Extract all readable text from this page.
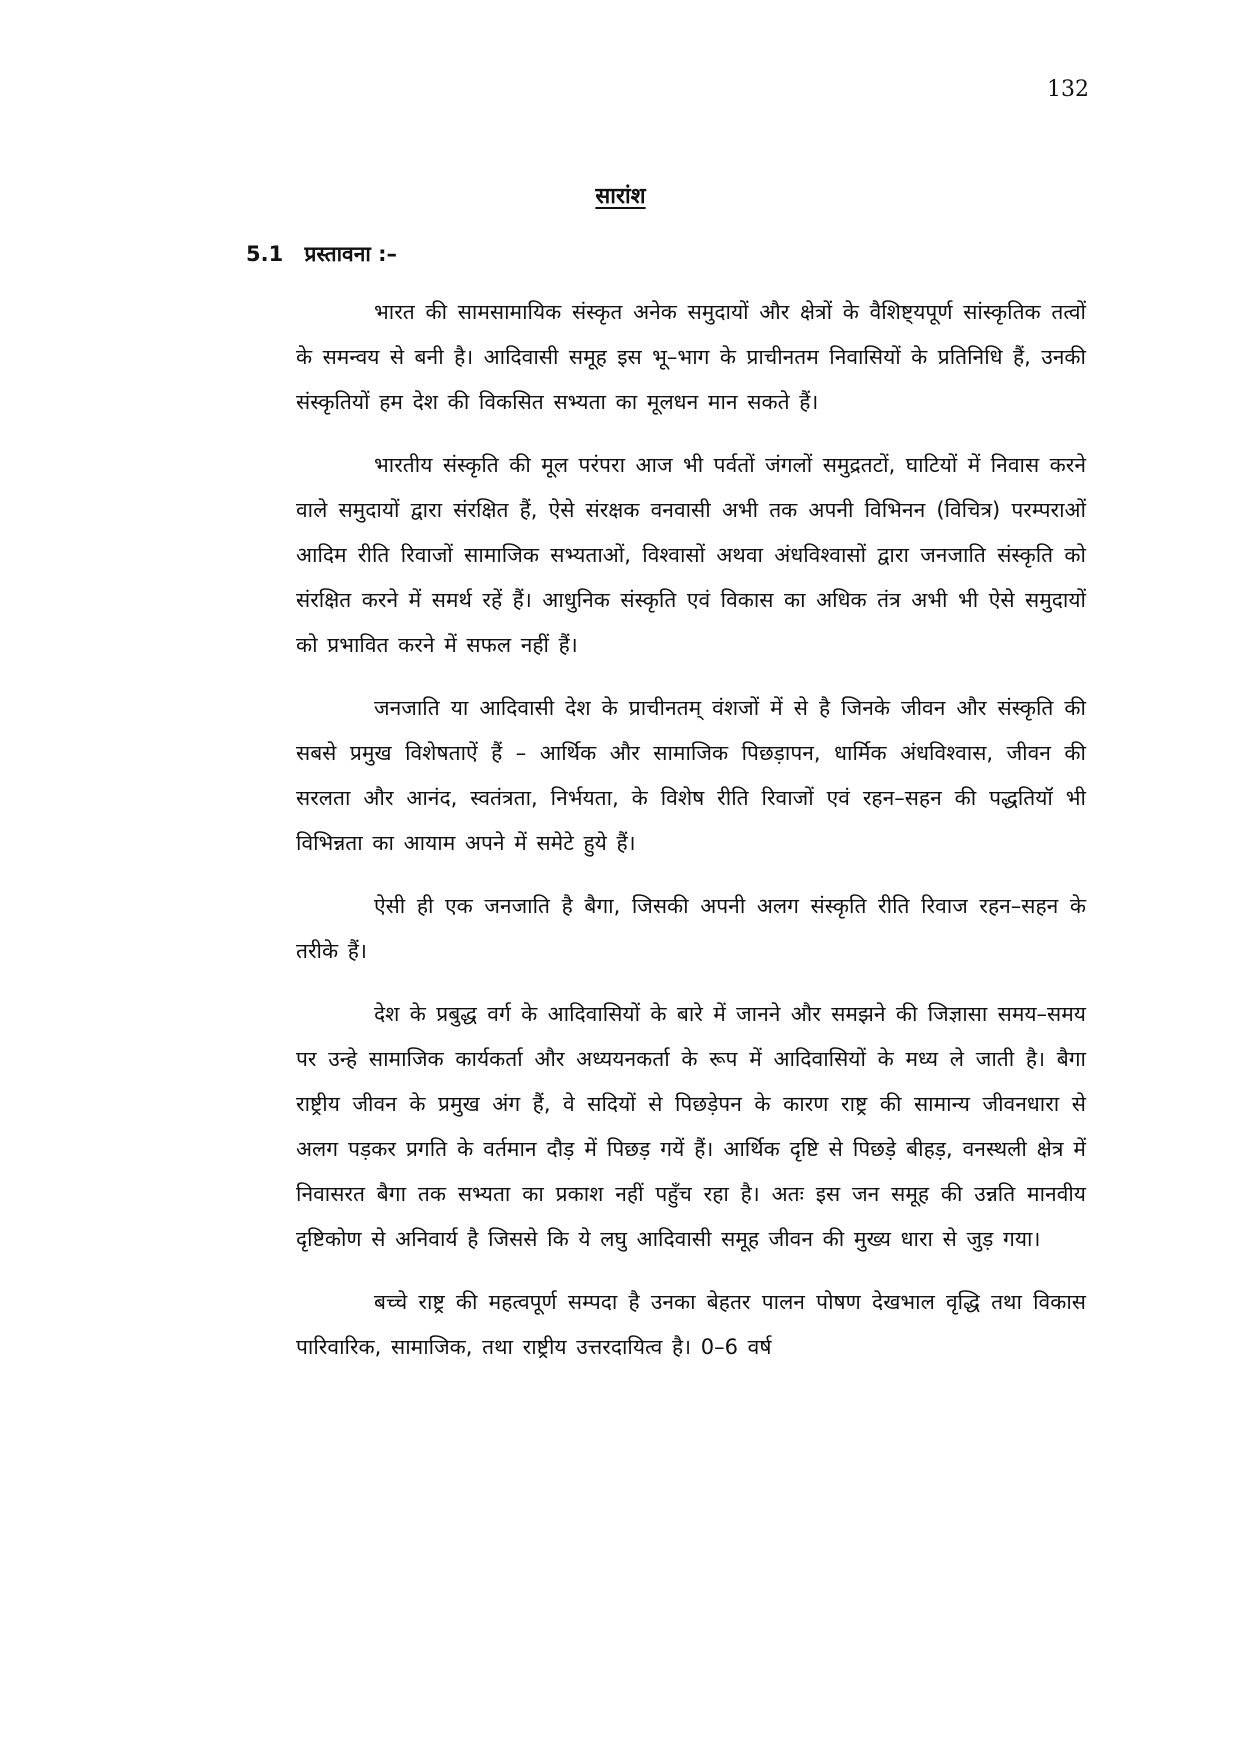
132
सारांश
5.1 प्रस्तावना :–

भारत की सामसामायिक संस्कृत अनेक समुदायों और क्षेत्रों के वैशिष्ट्यपूर्ण सांस्कृतिक तत्वों के समन्वय से बनी है। आदिवासी समूह इस भू–भाग के प्राचीनतम निवासियों के प्रतिनिधि हैं, उनकी संस्कृतियों हम देश की विकसित सभ्यता का मूलधन मान सकते हैं।

भारतीय संस्कृति की मूल परंपरा आज भी पर्वतों जंगलों समुद्रतटों, घाटियों में निवास करने वाले समुदायों द्वारा संरक्षित हैं, ऐसे संरक्षक वनवासी अभी तक अपनी विभिनन (विचित्र) परम्पराओं आदिम रीति रिवाजों सामाजिक सभ्यताओं, विश्वासों अथवा अंधविश्वासों द्वारा जनजाति संस्कृति को संरक्षित करने में समर्थ रहें हैं। आधुनिक संस्कृति एवं विकास का अधिक तंत्र अभी भी ऐसे समुदायों को प्रभावित करने में सफल नहीं हैं।

जनजाति या आदिवासी देश के प्राचीनतम् वंशजों में से है जिनके जीवन और संस्कृति की सबसे प्रमुख विशेषताऐं हैं – आर्थिक और सामाजिक पिछड़ापन, धार्मिक अंधविश्वास, जीवन की सरलता और आनंद, स्वतंत्रता, निर्भयता, के विशेष रीति रिवाजों एवं रहन–सहन की पद्धतियॉ भी विभिन्नता का आयाम अपने में समेटे हुये हैं।

ऐसी ही एक जनजाति है बैगा, जिसकी अपनी अलग संस्कृति रीति रिवाज रहन–सहन के तरीके हैं।

देश के प्रबुद्ध वर्ग के आदिवासियों के बारे में जानने और समझने की जिज्ञासा समय–समय पर उन्हे सामाजिक कार्यकर्ता और अध्ययनकर्ता के रूप में आदिवासियों के मध्य ले जाती है। बैगा राष्ट्रीय जीवन के प्रमुख अंग हैं, वे सदियों से पिछड़ेपन के कारण राष्ट्र की सामान्य जीवनधारा से अलग पड़कर प्रगति के वर्तमान दौड़ में पिछड़ गयें हैं। आर्थिक दृष्टि से पिछड़े बीहड़, वनस्थली क्षेत्र में निवासरत बैगा तक सभ्यता का प्रकाश नहीं पहुँच रहा है। अतः इस जन समूह की उन्नति मानवीय दृष्टिकोण से अनिवार्य है जिससे कि ये लघु आदिवासी समूह जीवन की मुख्य धारा से जुड़ गया।

बच्चे राष्ट्र की महत्वपूर्ण सम्पदा है उनका बेहतर पालन पोषण देखभाल वृद्धि तथा विकास पारिवारिक, सामाजिक, तथा राष्ट्रीय उत्तरदायित्व है। 0–6 वर्ष
